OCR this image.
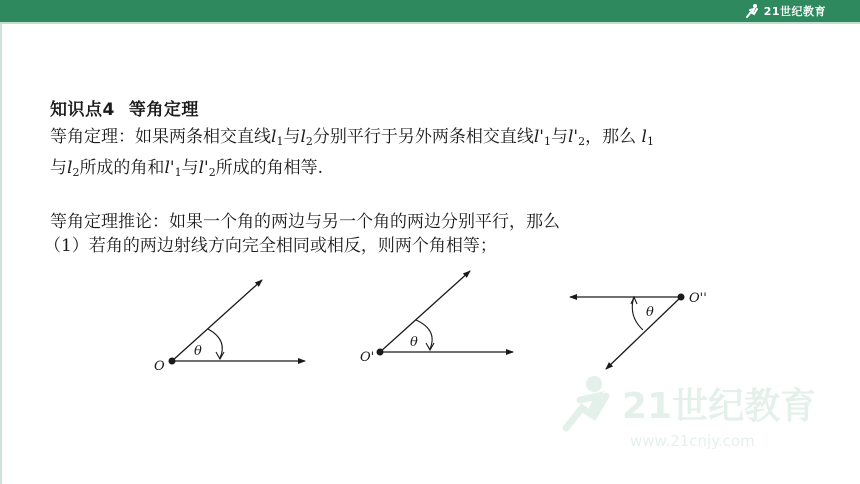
21世纪教育
知识点4 等角定理
等角定理：如果两条相交直线$l_1$与$l_2$分别平行于另外两条相交直线$l'_1$与$l'_2$，那么 $l_1$
与$l_2$所成的角和$l'_1$与$l'_2$所成的角相等.
等角定理推论：如果一个角的两边与另一个角的两边分别平行，那么
（1）若角的两边射线方向完全相同或相反，则两个角相等；
O
θ	O'
θ
O''
θ
21世纪教育
www.21cnjy.com
